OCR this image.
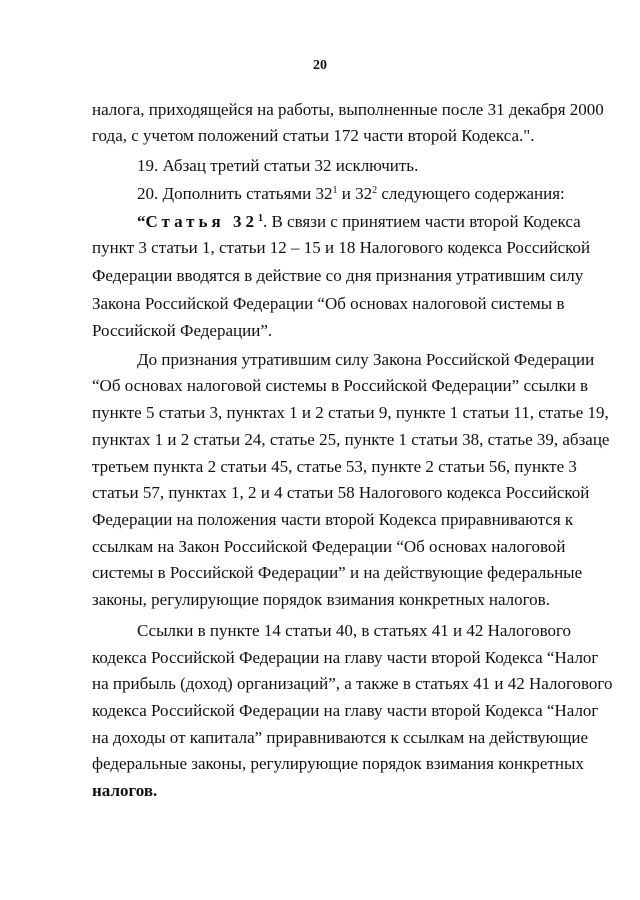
20
налога, приходящейся на работы, выполненные после 31 декабря 2000
года, с учетом положений статьи 172 части второй Кодекса.".
19. Абзац третий статьи 32 исключить.
20. Дополнить статьями $32^1$ и $32^2$ следующего содержания:
“Статья $32^1$. В связи с принятием части второй Кодекса
пункт 3 статьи 1, статьи 12 – 15 и 18 Налогового кодекса Российской
Федерации вводятся в действие со дня признания утратившим силу
Закона Российской Федерации “Об основах налоговой системы в
Российской Федерации”.
До признания утратившим силу Закона Российской Федерации
“Об основах налоговой системы в Российской Федерации” ссылки в
пункте 5 статьи 3, пунктах 1 и 2 статьи 9, пункте 1 статьи 11, статье 19,
пунктах 1 и 2 статьи 24, статье 25, пункте 1 статьи 38, статье 39, абзаце
третьем пункта 2 статьи 45, статье 53, пункте 2 статьи 56, пункте 3
статьи 57, пунктах 1, 2 и 4 статьи 58 Налогового кодекса Российской
Федерации на положения части второй Кодекса приравниваются к
ссылкам на Закон Российской Федерации “Об основах налоговой
системы в Российской Федерации” и на действующие федеральные
законы, регулирующие порядок взимания конкретных налогов.
Ссылки в пункте 14 статьи 40, в статьях 41 и 42 Налогового
кодекса Российской Федерации на главу части второй Кодекса “Налог
на прибыль (доход) организаций”, а также в статьях 41 и 42 Налогового
кодекса Российской Федерации на главу части второй Кодекса “Налог
на доходы от капитала” приравниваются к ссылкам на действующие
федеральные законы, регулирующие порядок взимания конкретных
налогов.
